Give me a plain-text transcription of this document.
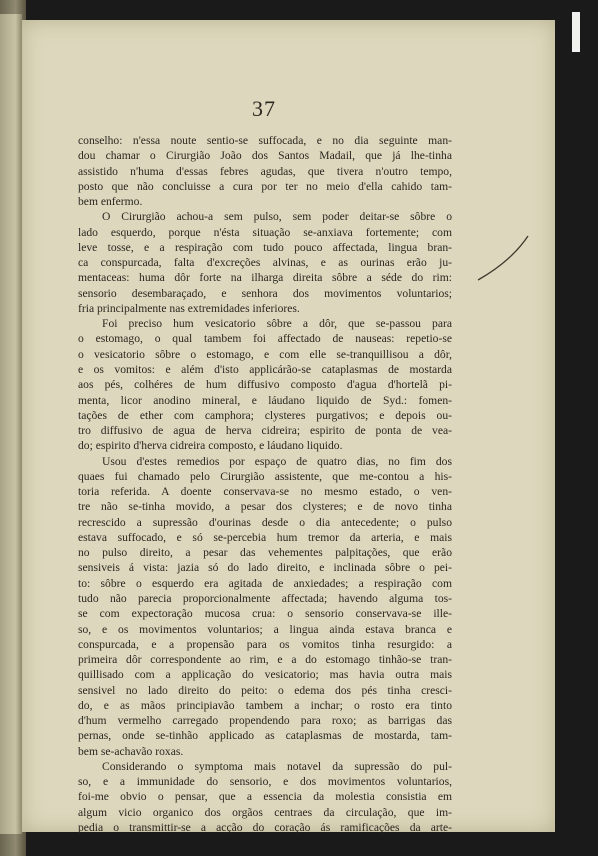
37
conselho: n'essa noute sentio-se suffocada, e no dia seguinte man-
dou chamar o Cirurgião João dos Santos Madail, que já lhe-tinha
assistido n'huma d'essas febres agudas, que tivera n'outro tempo,
posto que não concluisse a cura por ter no meio d'ella cahido tam-
bem enfermo.
O Cirurgião achou-a sem pulso, sem poder deitar-se sôbre o
lado esquerdo, porque n'ésta situação se-anxiava fortemente; com
leve tosse, e a respiração com tudo pouco affectada, lingua bran-
ca conspurcada, falta d'excreções alvinas, e as ourinas erão ju-
mentaceas: huma dôr forte na ilharga direita sôbre a séde do rim:
sensorio desembaraçado, e senhora dos movimentos voluntarios;
fria principalmente nas extremidades inferiores.
Foi preciso hum vesicatorio sôbre a dôr, que se-passou para
o estomago, o qual tambem foi affectado de nauseas: repetio-se
o vesicatorio sôbre o estomago, e com elle se-tranquillisou a dôr,
e os vomitos: e além d'isto applicárão-se cataplasmas de mostarda
aos pés, colhéres de hum diffusivo composto d'agua d'hortelã pi-
menta, licor anodino mineral, e láudano liquido de Syd.: fomen-
tações de ether com camphora; clysteres purgativos; e depois ou-
tro diffusivo de agua de herva cidreira; espirito de ponta de vea-
do; espirito d'herva cidreira composto, e láudano liquido.
Usou d'estes remedios por espaço de quatro dias, no fim dos
quaes fui chamado pelo Cirurgião assistente, que me-contou a his-
toria referida. A doente conservava-se no mesmo estado, o ven-
tre não se-tinha movido, a pesar dos clysteres; e de novo tinha
recrescido a supressão d'ourinas desde o dia antecedente; o pulso
estava suffocado, e só se-percebia hum tremor da arteria, e mais
no pulso direito, a pesar das vehementes palpitações, que erão
sensiveis á vista: jazia só do lado direito, e inclinada sôbre o pei-
to: sôbre o esquerdo era agitada de anxiedades; a respiração com
tudo não parecia proporcionalmente affectada; havendo alguma tos-
se com expectoração mucosa crua: o sensorio conservava-se ille-
so, e os movimentos voluntarios; a lingua ainda estava branca e
conspurcada, e a propensão para os vomitos tinha resurgido: a
primeira dôr correspondente ao rim, e a do estomago tinhão-se tran-
quillisado com a applicação do vesicatorio; mas havia outra mais
sensivel no lado direito do peito: o edema dos pés tinha cresci-
do, e as mãos principiavão tambem a inchar; o rosto era tinto
d'hum vermelho carregado propendendo para roxo; as barrigas das
pernas, onde se-tinhão applicado as cataplasmas de mostarda, tam-
bem se-achavão roxas.
Considerando o symptoma mais notavel da supressão do pul-
so, e a immunidade do sensorio, e dos movimentos voluntarios,
foi-me obvio o pensar, que a essencia da molestia consistia em
algum vicio organico dos orgãos centraes da circulação, que im-
pedia o transmittir-se a acção do coração ás ramificações da arte-
